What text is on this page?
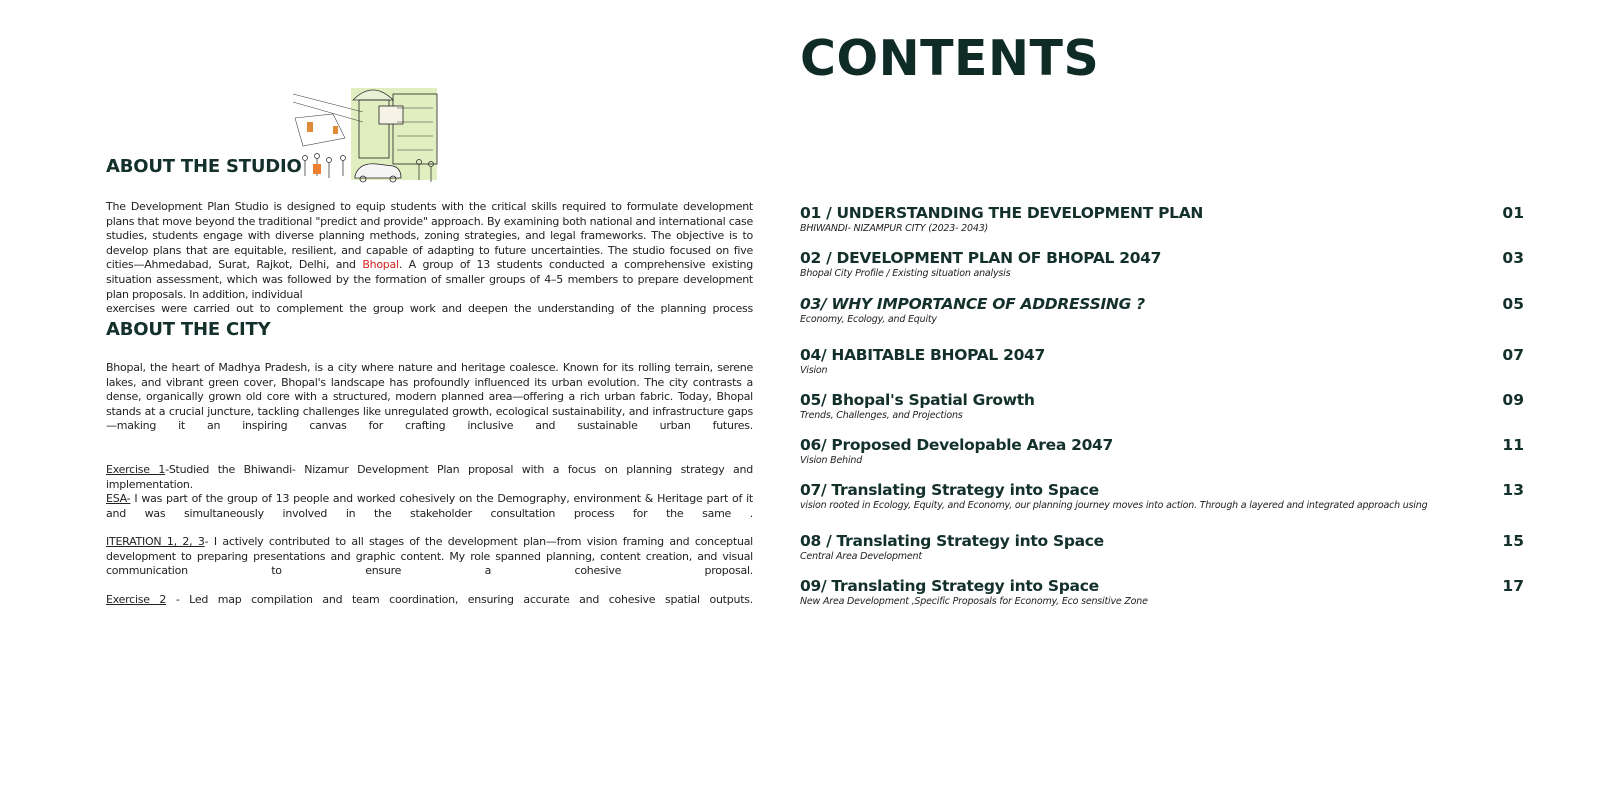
ABOUT THE STUDIO

The Development Plan Studio is designed to equip students with the critical skills required to formulate development plans that move beyond the traditional "predict and provide" approach. By examining both national and international case studies, students engage with diverse planning methods, zoning strategies, and legal frameworks. The objective is to develop plans that are equitable, resilient, and capable of adapting to future uncertainties. The studio focused on five cities—Ahmedabad, Surat, Rajkot, Delhi, and Bhopal. A group of 13 students conducted a comprehensive existing situation assessment, which was followed by the formation of smaller groups of 4–5 members to prepare development plan proposals. In addition, individual
exercises were carried out to complement the group work and deepen the understanding of the planning process

ABOUT THE CITY

Bhopal, the heart of Madhya Pradesh, is a city where nature and heritage coalesce. Known for its rolling terrain, serene lakes, and vibrant green cover, Bhopal's landscape has profoundly influenced its urban evolution. The city contrasts a dense, organically grown old core with a structured, modern planned area—offering a rich urban fabric. Today, Bhopal stands at a crucial juncture, tackling challenges like unregulated growth, ecological sustainability, and infrastructure gaps—making it an inspiring canvas for crafting inclusive and sustainable urban futures.

Exercise 1-Studied the Bhiwandi- Nizamur Development Plan proposal with a focus on planning strategy and implementation.

ESA- I was part of the group of 13 people and worked cohesively on the Demography, environment & Heritage part of it and was simultaneously involved in the stakeholder consultation process for the same .

ITERATION 1, 2, 3- I actively contributed to all stages of the development plan—from vision framing and conceptual development to preparing presentations and graphic content. My role spanned planning, content creation, and visual communication to ensure a cohesive proposal.

Exercise 2 - Led map compilation and team coordination, ensuring accurate and cohesive spatial outputs.

CONTENTS
01 / UNDERSTANDING THE DEVELOPMENT PLAN
BHIWANDI- NIZAMPUR CITY (2023- 2043)
01
02 / DEVELOPMENT PLAN OF BHOPAL 2047
Bhopal City Profile / Existing situation analysis
03
03/ WHY IMPORTANCE OF ADDRESSING ?
Economy, Ecology, and Equity
05
04/ HABITABLE BHOPAL 2047
Vision
07
05/ Bhopal's Spatial Growth
Trends, Challenges, and Projections
09
06/ Proposed Developable Area 2047
Vision Behind
11
07/ Translating Strategy into Space
vision rooted in Ecology, Equity, and Economy, our planning journey moves into action. Through a layered and integrated approach using
13
08 / Translating Strategy into Space
Central Area Development
15
09/ Translating Strategy into Space
New Area Development ,Specific Proposals for Economy, Eco sensitive Zone
17
